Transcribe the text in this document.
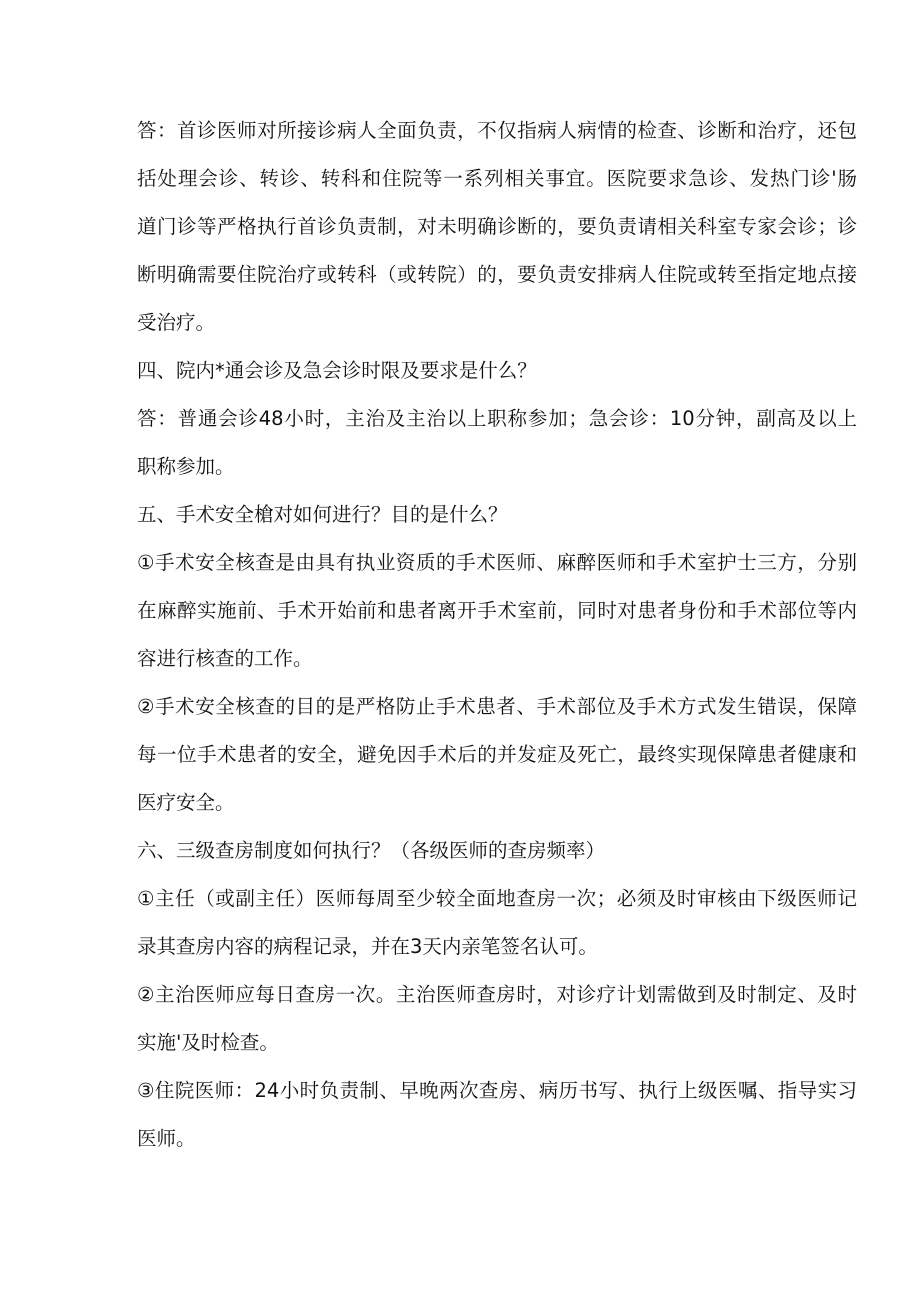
答：首诊医师对所接诊病人全面负责，不仅指病人病情的检查、诊断和治疗，还包
括处理会诊、转诊、转科和住院等一系列相关事宜。医院要求急诊、发热门诊'肠
道门诊等严格执行首诊负责制，对未明确诊断的，要负责请相关科室专家会诊；诊
断明确需要住院治疗或转科（或转院）的，要负责安排病人住院或转至指定地点接
受治疗。
四、院内*通会诊及急会诊时限及要求是什么？
答：普通会诊48小时，主治及主治以上职称参加；急会诊：10分钟，副高及以上
职称参加。
五、手术安全槍对如何进行？目的是什么？
①手术安全核查是由具有执业资质的手术医师、麻醉医师和手术室护士三方，分别
在麻醉实施前、手术开始前和患者离开手术室前，同时对患者身份和手术部位等内
容进行核查的工作。
②手术安全核查的目的是严格防止手术患者、手术部位及手术方式发生错误，保障
每一位手术患者的安全，避免因手术后的并发症及死亡，最终实现保障患者健康和
医疗安全。
六、三级查房制度如何执行？（各级医师的查房频率）
①主任（或副主任）医师每周至少较全面地查房一次；必须及时审核由下级医师记
录其查房内容的病程记录，并在3天内亲笔签名认可。
②主治医师应每日查房一次。主治医师查房时，对诊疗计划需做到及时制定、及时
实施'及时检查。
③住院医师：24小时负责制、早晚两次查房、病历书写、执行上级医嘱、指导实习
医师。
